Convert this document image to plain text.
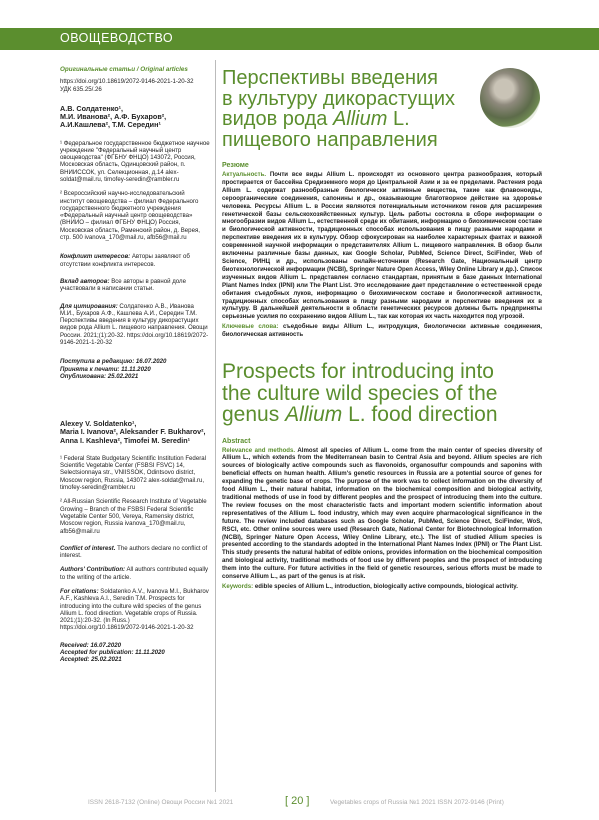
ОВОЩЕВОДСТВО

Оригинальные статьи / Original articles

https://doi.org/10.18619/2072-9146-2021-1-20-32

УДК 635.25/.26

А.В. Солдатенко¹,
М.И. Иванова², А.Ф. Бухаров²,
А.И.Кашлева², Т.М. Середин¹

¹ Федеральное государственное бюджетное научное учреждение "Федеральный научный центр овощеводства" (ФГБНУ ФНЦО) 143072, Россия, Московская область, Одинцовский район, п. ВНИИССОК, ул. Селекционная, д.14 alex-soldat@mail.ru, timofey-seredin@rambler.ru

² Всероссийский научно-исследовательский институт овощеводства – филиал Федерального государственного бюджетного учреждения «Федеральный научный центр овощеводства» (ВНИИО – филиал ФГБНУ ФНЦО) Россия, Московская область, Раменский район, д. Верея, стр. 500 ivanova_170@mail.ru, afb56@mail.ru

Конфликт интересов: Авторы заявляют об отсутствии конфликта интересов.

Вклад авторов: Все авторы в равной доле участвовали в написании статьи.

Для цитирования: Солдатенко А.В., Иванова М.И., Бухаров А.Ф., Кашлева А.И., Середин Т.М. Перспективы введения в культуру дикорастущих видов рода Allium L. пищевого направления. Овощи России. 2021;(1):20-32. https://doi.org/10.18619/2072-9146-2021-1-20-32

Поступила в редакцию: 16.07.2020
Принята к печати: 11.11.2020
Опубликована: 25.02.2021
Alexey V. Soldatenko¹,
Maria I. Ivanova², Aleksander F. Bukharov²,
Anna I. Kashleva², Timofei M. Seredin¹

¹ Federal State Budgetary Scientific Institution Federal Scientific Vegetable Center (FSBSI FSVC) 14, Selectsionnaya str., VNIISSOK, Odintsovo district, Moscow region, Russia, 143072 alex-soldat@mail.ru, timofey-seredin@rambler.ru

² All-Russian Scientific Research Institute of Vegetable Growing – Branch of the FSBSI Federal Scientific Vegetable Center 500, Vereya, Ramensky district, Moscow region, Russia ivanova_170@mail.ru, afb56@mail.ru

Conflict of interest. The authors declare no conflict of interest.

Authors' Contribution: All authors contributed equally to the writing of the article.

For citations: Soldatenko A.V., Ivanova M.I., Bukharov A.F., Kashleva A.I., Seredin T.M. Prospects for introducing into the culture wild species of the genus Allium L. food direction. Vegetable crops of Russia. 2021;(1):20-32. (In Russ.) https://doi.org/10.18619/2072-9146-2021-1-20-32

Received: 16.07.2020
Accepted for publication: 11.11.2020
Accepted: 25.02.2021
Перспективы введения
в культуру дикорастущих
видов рода Allium L.
пищевого направления
Резюме
Актуальность. Почти все виды Allium L. происходят из основного центра разнообразия, который простирается от бассейна Средиземного моря до Центральной Азии и за ее пределами. Растения рода Allium L. содержат разнообразные биологически активные вещества, такие как флавоноиды, сероорганические соединения, сапонины и др., оказывающие благотворное действие на здоровье человека. Ресурсы Allium L. в России являются потенциальным источником генов для расширения генетической базы сельскохозяйственных культур. Цель работы состояла в сборе информации о многообразии видов Allium L., естественной среде их обитания, информацию о биохимическом составе и биологической активности, традиционных способах использования в пищу разными народами и перспективе введения их в культуру. Обзор сфокусирован на наиболее характерных фактах и важной современной научной информации о представителях Allium L. пищевого направления. В обзор были включены различные базы данных, как Google Scholar, PubMed, Science Direct, SciFinder, Web of Science, РИНЦ и др., использованы онлайн-источники (Research Gate, Национальный центр биотехнологической информации (NCBI), Springer Nature Open Access, Wiley Online Library и др.). Список изученных видов Allium L. представлен согласно стандартам, принятым в базе данных International Plant Names Index (IPNI) или The Plant List. Это исследование дает представление о естественной среде обитания съедобных луков, информацию о биохимическом составе и биологической активности, традиционных способах использования в пищу разными народами и перспективе введения их в культуру. В дальнейшей деятельности в области генетических ресурсов должны быть предприняты серьезные усилия по сохранению видов Allium L., так как которая их часть находится под угрозой.
Ключевые слова: съедобные виды Allium L., интродукция, биологически активные соединения, биологическая активность
Prospects for introducing into
the culture wild species of the
genus Allium L. food direction
Abstract
Relevance and methods. Almost all species of Allium L. come from the main center of species diversity of Allium L., which extends from the Mediterranean basin to Central Asia and beyond. Allium species are rich sources of biologically active compounds such as flavonoids, organosulfur compounds and saponins with beneficial effects on human health. Allium's genetic resources in Russia are a potential source of genes for expanding the genetic base of crops. The purpose of the work was to collect information on the diversity of food Allium L., their natural habitat, information on the biochemical composition and biological activity, traditional methods of use in food by different peoples and the prospect of introducing them into the culture. The review focuses on the most characteristic facts and important modern scientific information about representatives of the Allium L. food industry, which may even acquire pharmacological significance in the future. The review included databases such as Google Scholar, PubMed, Science Direct, SciFinder, WoS, RSCI, etc. Other online sources were used (Research Gate, National Center for Biotechnological Information (NCBI), Springer Nature Open Access, Wiley Online Library, etc.). The list of studied Allium species is presented according to the standards adopted in the International Plant Names Index (IPNI) or The Plant List. This study presents the natural habitat of edible onions, provides information on the biochemical composition and biological activity, traditional methods of food use by different peoples and the prospect of introducing them into the culture. For future activities in the field of genetic resources, serious efforts must be made to conserve Allium L., as part of the genus is at risk.
Keywords: edible species of Allium L., introduction, biologically active compounds, biological activity.
ISSN 2618-7132 (Online) Овощи России №1 2021	[ 20 ]	Vegetables crops of Russia №1 2021 ISSN 2072-9146 (Print)
